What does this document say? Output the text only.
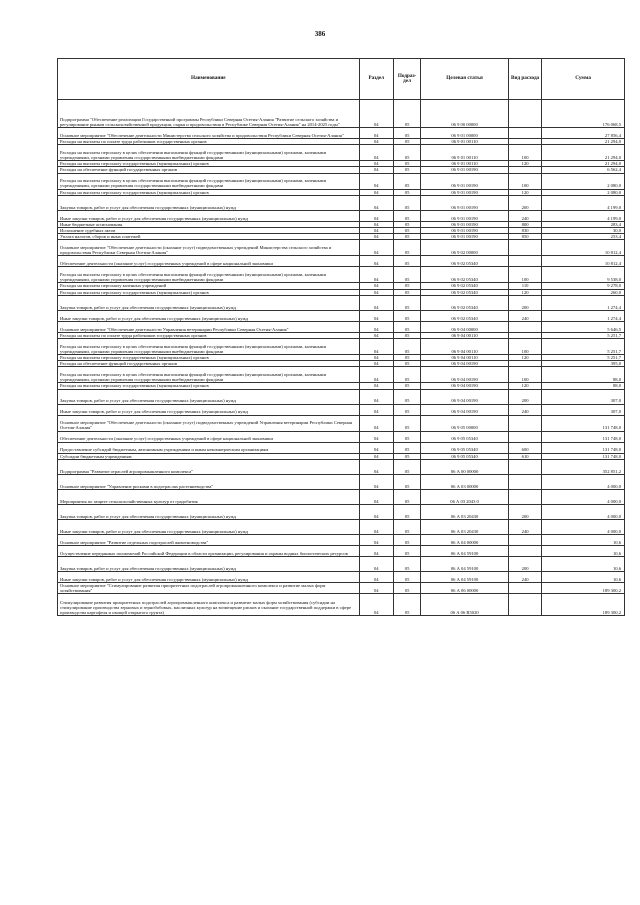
386
Наименование	Раздел	Подраз-дел	Целевая статья	Вид расхода	Сумма
Подпрограмма "Обеспечение реализации Государственной программы Республики Северная Осетия-Алания "Развитие сельского хозяйства и регулирование рынков сельскохозяйственной продукции, сырья и продовольствия в Республике Северная Осетия-Алания" на 2014-2025 годы"	04	05	06 9 00 00000		176 068,5
Основное мероприятие "Обеспечение деятельности Министерства сельского хозяйства и продовольствия Республики Северная Осетия-Алания"	04	05	06 9 01 00000		27 856,4
Расходы на выплаты по оплате труда работников государственных органов	04	05	06 9 01 00110		21 294,0
Расходы на выплаты персоналу в целях обеспечения выполнения функций государственными (муниципальными) органами, казенными учреждениями, органами управления государственными внебюджетными фондами	04	05	06 9 01 00110	100	21 294,0
Расходы на выплаты персоналу государственных (муниципальных) органов	04	05	06 9 01 00110	120	21 294,0
Расходы на обеспечение функций государственных органов	04	05	06 9 01 00190		6 562,4
Расходы на выплаты персоналу в целях обеспечения выполнения функций государственными (муниципальными) органами, казенными учреждениями, органами управления государственными внебюджетными фондами	04	05	06 9 01 00190	100	2 080,0
Расходы на выплаты персоналу государственных (муниципальных) органов	04	05	06 9 01 00190	120	2 080,0
Закупка товаров, работ и услуг для обеспечения государственных (муниципальных) нужд	04	05	06 9 01 00190	200	4 199,0
Иные закупки товаров, работ и услуг для обеспечения государственных (муниципальных) нужд	04	05	06 9 01 00190	240	4 199,0
Иные бюджетные ассигнования	04	05	06 9 01 00190	800	283,4
Исполнение судебных актов	04	05	06 9 01 00190	830	30,0
Уплата налогов, сборов и иных платежей	04	05	06 9 01 00190	850	253,4
Основное мероприятие "Обеспечение деятельности (оказание услуг) подведомственных учреждений Министерства сельского хозяйства и продовольствия Республики Северная Осетия-Алания"	04	05	06 9 02 00000		10 812,4
Обеспечение деятельности (оказание услуг) государственных учреждений в сфере национальной экономики	04	05	06 9 02 05340		10 812,4
Расходы на выплаты персоналу в целях обеспечения выполнения функций государственными (муниципальными) органами, казенными учреждениями, органами управления государственными внебюджетными фондами	04	05	06 9 02 05340	100	9 538,0
Расходы на выплаты персоналу казенных учреждений	04	05	06 9 02 05340	110	9 278,0
Расходы на выплаты персоналу государственных (муниципальных) органов	04	05	06 9 02 05340	120	260,0
Закупка товаров, работ и услуг для обеспечения государственных (муниципальных) нужд	04	05	06 9 02 05340	200	1 274,4
Иные закупки товаров, работ и услуг для обеспечения государственных (муниципальных) нужд	04	05	06 9 02 05340	240	1 274,4
Основное мероприятие "Обеспечение деятельности Управления ветеринарии Республики Северная Осетия-Алания"	04	05	06 9 04 00000		5 646,5
Расходы на выплаты по оплате труда работников государственных органов	04	05	06 9 04 00110		5 251,7
Расходы на выплаты персоналу в целях обеспечения выполнения функций государственными (муниципальными) органами, казенными учреждениями, органами управления государственными внебюджетными фондами	04	05	06 9 04 00110	100	5 251,7
Расходы на выплаты персоналу государственных (муниципальных) органов	04	05	06 9 04 00110	120	5 251,7
Расходы на обеспечение функций государственных органов	04	05	06 9 04 00190		395,0
Расходы на выплаты персоналу в целях обеспечения выполнения функций государственными (муниципальными) органами, казенными учреждениями, органами управления государственными внебюджетными фондами	04	05	06 9 04 00190	100	88,0
Расходы на выплаты персоналу государственных (муниципальных) органов	04	05	06 9 04 00190	120	88,0
Закупка товаров, работ и услуг для обеспечения государственных (муниципальных) нужд	04	05	06 9 04 00190	200	307,0
Иные закупки товаров, работ и услуг для обеспечения государственных (муниципальных) нужд	04	05	06 9 04 00190	240	307,0
Основное мероприятие "Обеспечение деятельности (оказание услуг) подведомственных учреждений Управления ветеринарии Республики Северная Осетия-Алания"	04	05	06 9 05 00000		131 748,0
Обеспечение деятельности (оказание услуг) государственных учреждений в сфере национальной экономики	04	05	06 9 05 05340		131 748,0
Предоставление субсидий бюджетным, автономным учреждениям и иным некоммерческим организациям	04	05	06 9 05 05340	600	131 748,0
Субсидии бюджетным учреждениям	04	05	06 9 05 05340	610	131 748,0
Подпрограмма "Развитие отраслей агропромышленного комплекса"	04	05	06 А 00 00000		352 851,2
Основное мероприятие "Управление рисками в подотраслях растениеводства"	04	05	06 А 03 00000		4 000,0
Мероприятия по защите сельскохозяйственных культур от градобития	04	05	06 А 03 2043 0		4 000,0
Закупка товаров, работ и услуг для обеспечения государственных (муниципальных) нужд	04	05	06 А 03 20430	200	4 000,0
Иные закупки товаров, работ и услуг для обеспечения государственных (муниципальных) нужд	04	05	06 А 03 20430	240	4 000,0
Основное мероприятие "Развитие отдельных подотраслей животноводства"	04	05	06 А 04 00000		10,6
Осуществление переданных полномочий Российской Федерации в области организации, регулирования и охраны водных биологических ресурсов	04	05	06 А 04 59100		10,6
Закупка товаров, работ и услуг для обеспечения государственных (муниципальных) нужд	04	05	06 А 04 59100	200	10,6
Иные закупки товаров, работ и услуг для обеспечения государственных (муниципальных) нужд	04	05	06 А 04 59100	240	10,6
Основное мероприятие "Стимулирование развития приоритетных подотраслей агропромышленного комплекса и развитие малых форм хозяйствования"	04	05	06 А 06 00000		189 300,2
Стимулирование развития приоритетных подотраслей агропромышленного комплекса и развитие малых форм хозяйствования (субсидии на стимулирование производства зерновых и зернобобовых, масличных культур на возмещение рисков и оказание государственной поддержки в сфере производства картофеля и овощей открытого грунта)	04	05	06 А 06 R5020		189 300,2
